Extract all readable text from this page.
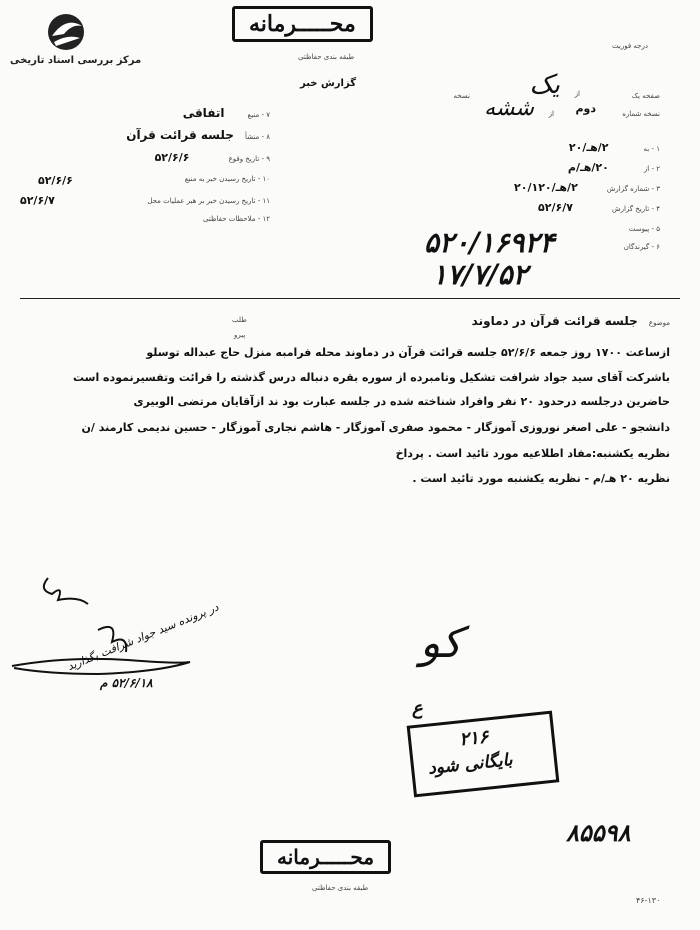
مرکز بررسی اسناد تاریخی
محـــــرمانه
طبقه بندی حفاظتی
گزارش خبر
درجه فوریت
۷ - منبع اتفاقی
۸ - منشأ جلسه قرائت قرآن
۹ - تاریخ وقوع ۵۲/۶/۶
۱۰ - تاریخ رسیدن خبر به منبع
۵۲/۶/۶
۱۱ - تاریخ رسیدن خبر بر هبر عملیات محل
۵۲/۶/۷
۱۲ - ملاحظات حفاظتی
صفحه یک
از
یک
نسخه
نسخه شماره
دوم
از
ششه
۱ - به ۲/هـ/۲۰
۲ - از ۲۰/هـ/م
۳ - شماره گزارش ۲/هـ/۲۰/۱۲۰
۴ - تاریخ گزارش ۵۲/۶/۷
۵ - پیوست
۶ - گیرندگان
۵۲۰/۱۶۹۲۴
۱۷/۷/۵۲
موضوع جلسه قرائت قرآن در دماوند
طلب
پیرو
ازساعت ۱۷۰۰ روز جمعه ۵۲/۶/۶ جلسه قرائت قرآن در دماوند محله فرامبه منزل حاج عبداله توسلو
باشرکت آقای سید جواد شرافت تشکیل وتامبرده از سوره بقره دنباله درس گذشته را قرائت وتفسیرنموده است
حاضرین درجلسه درحدود ۲۰ نفر وافراد شناخته شده در جلسه عبارت بود ند ازآقایان مرتضی الوبیری
دانشجو - علی اصغر نوروزی آموزگار - محمود صفری آموزگار - هاشم نجاری آموزگار - حسین ندیمی کارمند /ن
نظریه یکشنبه:مفاد اطلاعیه مورد تائید است . پرداخ
نظریه ۲۰ هـ/م - نظریه یکشنبه مورد تائید است .
در پرونده سید جواد شرافت بگذارید
۵۲/۶/۱۸ م
کو
ع
۲۱۶
بایگانی شود
۸۵۵۹۸
محـــــرمانه
طبقه بندی حفاظتی
۴۶-۱۳۰
